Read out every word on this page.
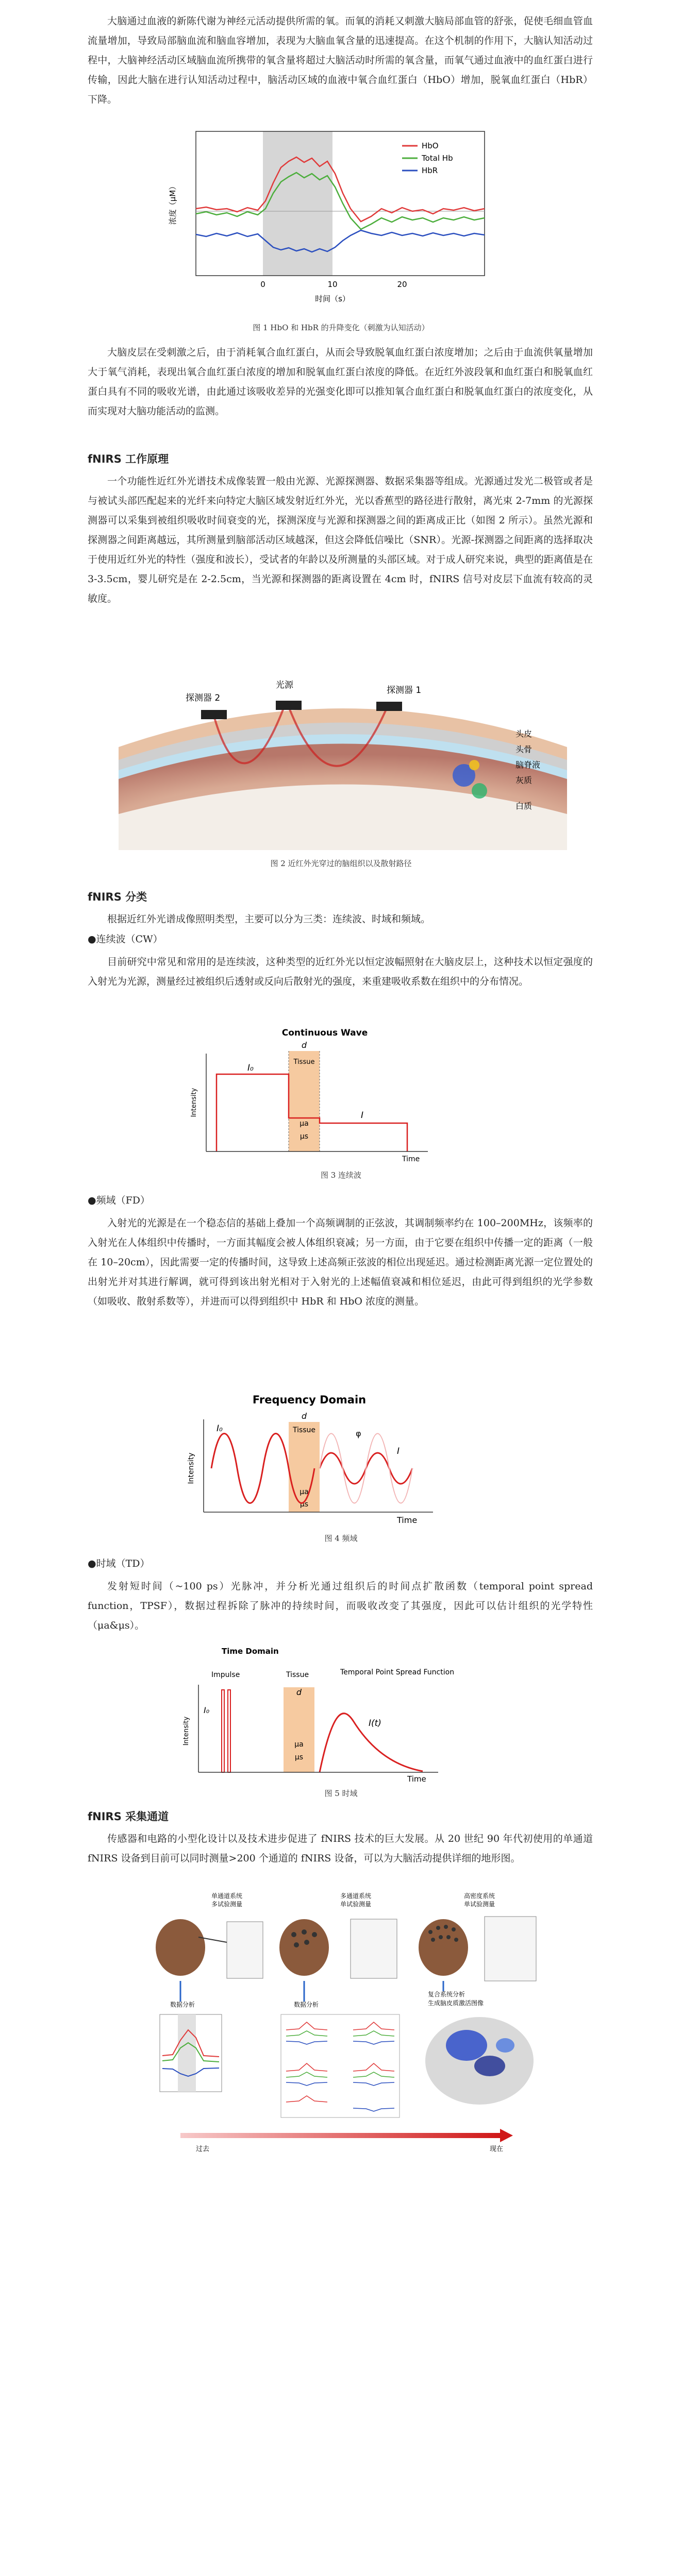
大脑通过血液的新陈代谢为神经元活动提供所需的氧。而氧的消耗又刺激大脑局部血管的舒张，促使毛细血管血流量增加，导致局部脑血流和脑血容增加，表现为大脑血氧含量的迅速提高。在这个机制的作用下，大脑认知活动过程中，大脑神经活动区域脑血流所携带的氧含量将超过大脑活动时所需的氧含量，而氧气通过血液中的血红蛋白进行传输，因此大脑在进行认知活动过程中，脑活动区域的血液中氧合血红蛋白（HbO）增加，脱氧血红蛋白（HbR）下降。

HbO
Total Hb
HbR
浓度（μM）
0	10	20
时间（s）

图 1 HbO 和 HbR 的升降变化（刺激为认知活动）

大脑皮层在受刺激之后，由于消耗氧合血红蛋白，从而会导致脱氧血红蛋白浓度增加；之后由于血流供氧量增加大于氧气消耗，表现出氧合血红蛋白浓度的增加和脱氧血红蛋白浓度的降低。在近红外波段氧和血红蛋白和脱氧血红蛋白具有不同的吸收光谱，由此通过该吸收差异的光强变化即可以推知氧合血红蛋白和脱氧血红蛋白的浓度变化，从而实现对大脑功能活动的监测。

fNIRS 工作原理

一个功能性近红外光谱技术成像装置一般由光源、光源探测器、数据采集器等组成。光源通过发光二极管或者是与被试头部匹配起来的光纤来向特定大脑区域发射近红外光，光以香蕉型的路径进行散射，离光束 2-7mm 的光源探测器可以采集到被组织吸收时间衰变的光，探测深度与光源和探测器之间的距离成正比（如图 2 所示）。虽然光源和探测器之间距离越远，其所测量到脑部活动区域越深，但这会降低信噪比（SNR）。光源-探测器之间距离的选择取决于使用近红外光的特性（强度和波长），受试者的年龄以及所测量的头部区域。对于成人研究来说，典型的距离值是在 3-3.5cm，婴儿研究是在 2-2.5cm，当光源和探测器的距离设置在 4cm 时，fNIRS 信号对皮层下血流有较高的灵敏度。

探测器 2
光源	探测器 1
头皮
头骨
脑脊液
灰质
白质

图 2 近红外光穿过的脑组织以及散射路径

fNIRS 分类

根据近红外光谱成像照明类型，主要可以分为三类：连续波、时域和频域。

●连续波（CW）

目前研究中常见和常用的是连续波，这种类型的近红外光以恒定波幅照射在大脑皮层上，这种技术以恒定强度的入射光为光源，测量经过被组织后透射或反向后散射光的强度，来重建吸收系数在组织中的分布情况。

Continuous Wave
d
Tissue
μa
μs
I₀
I
Intensity
Time

图 3 连续波

●频域（FD）

入射光的光源是在一个稳态信的基础上叠加一个高频调制的正弦波，其调制频率约在 100–200MHz，该频率的入射光在人体组织中传播时，一方面其幅度会被人体组织衰减；另一方面，由于它要在组织中传播一定的距离（一般在 10–20cm），因此需要一定的传播时间，这导致上述高频正弦波的相位出现延迟。通过检测距离光源一定位置处的出射光并对其进行解调，就可得到该出射光相对于入射光的上述幅值衰减和相位延迟，由此可得到组织的光学参数（如吸收、散射系数等），并进而可以得到组织中 HbR 和 HbO 浓度的测量。

Frequency Domain
d
Tissue
μa
μs
I₀	φ
I
Intensity
Time

图 4 频域

●时域（TD）

发射短时间（~100 ps）光脉冲，并分析光通过组织后的时间点扩散函数（temporal point spread function，TPSF），数据过程拆除了脉冲的持续时间，而吸收改变了其强度，因此可以估计组织的光学特性（μa&μs）。

Time Domain
Impulse	Tissue	Temporal Point Spread Function
d
μa
μs
I₀
I(t)
Intensity
Time

图 5 时域

fNIRS 采集通道

传感器和电路的小型化设计以及技术进步促进了 fNIRS 技术的巨大发展。从 20 世纪 90 年代初使用的单通道 fNIRS 设备到目前可以同时测量>200 个通道的 fNIRS 设备，可以为大脑活动提供详细的地形图。

单通道系统
多试验测量
数据分析
多通道系统
单试验测量
数据分析
高密度系统
单试验测量
复合系统分析
生成脑皮质激活图像
过去	现在
